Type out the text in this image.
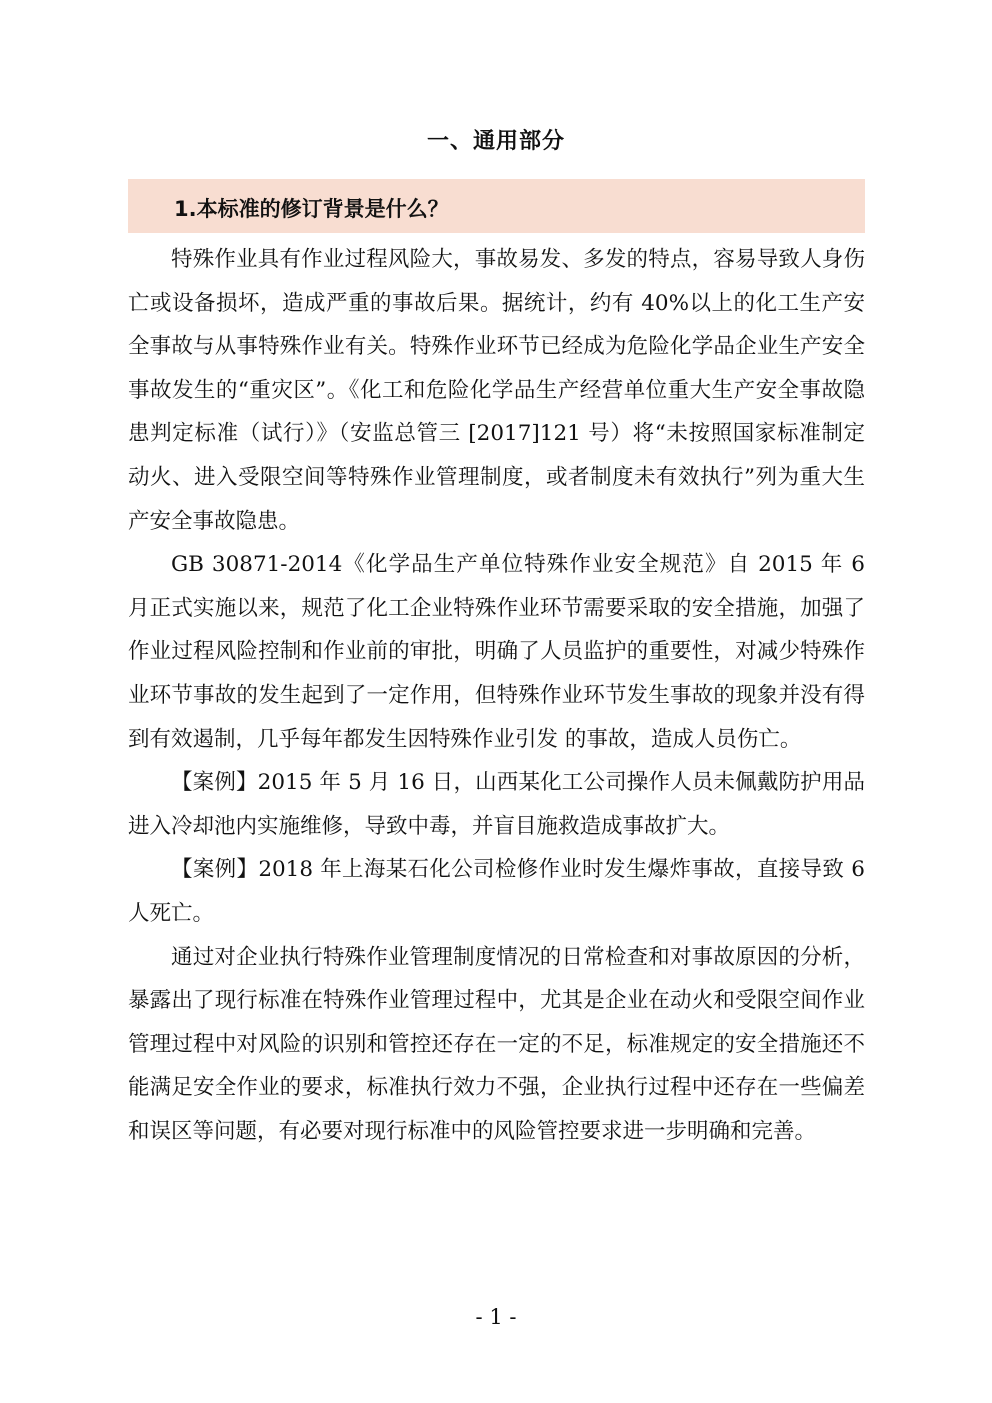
一、通用部分
1.本标准的修订背景是什么？

特殊作业具有作业过程风险大，事故易发、多发的特点，容易导致人身伤亡或设备损坏，造成严重的事故后果。据统计，约有 40%以上的化工生产安全事故与从事特殊作业有关。特殊作业环节已经成为危险化学品企业生产安全事故发生的“重灾区”。《化工和危险化学品生产经营单位重大生产安全事故隐患判定标准（试行）》（安监总管三 [2017]121 号）将“未按照国家标准制定动火、进入受限空间等特殊作业管理制度，或者制度未有效执行”列为重大生产安全事故隐患。

GB 30871-2014《化学品生产单位特殊作业安全规范》自 2015 年 6 月正式实施以来，规范了化工企业特殊作业环节需要采取的安全措施，加强了作业过程风险控制和作业前的审批，明确了人员监护的重要性，对减少特殊作业环节事故的发生起到了一定作用，但特殊作业环节发生事故的现象并没有得到有效遏制，几乎每年都发生因特殊作业引发 的事故，造成人员伤亡。

【案例】2015 年 5 月 16 日，山西某化工公司操作人员未佩戴防护用品进入冷却池内实施维修，导致中毒，并盲目施救造成事故扩大。

【案例】2018 年上海某石化公司检修作业时发生爆炸事故，直接导致 6 人死亡。

通过对企业执行特殊作业管理制度情况的日常检查和对事故原因的分析，暴露出了现行标准在特殊作业管理过程中，尤其是企业在动火和受限空间作业管理过程中对风险的识别和管控还存在一定的不足，标准规定的安全措施还不能满足安全作业的要求，标准执行效力不强，企业执行过程中还存在一些偏差和误区等问题，有必要对现行标准中的风险管控要求进一步明确和完善。

- 1 -
